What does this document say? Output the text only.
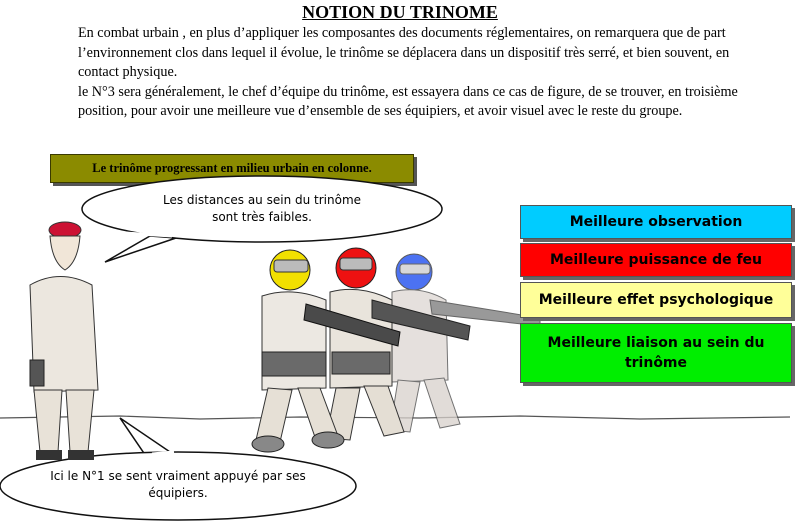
NOTION DU TRINOME

En combat urbain , en plus d’appliquer les composantes des documents réglementaires, on remarquera que de part l’environnement clos dans lequel il évolue, le trinôme se déplacera dans un dispositif très serré, et bien souvent, en contact physique.

le N°3 sera généralement, le chef d’équipe du trinôme, est essayera dans ce cas de figure, de se trouver, en troisième position, pour avoir une meilleure vue d’ensemble de ses équipiers, et avoir visuel avec le reste du groupe.

Le trinôme progressant en milieu urbain en colonne.
Les distances au sein du trinôme sont très faibles.
Ici le N°1 se sent vraiment appuyé par ses équipiers.
Meilleure observation
Meilleure puissance de feu
Meilleure effet psychologique
Meilleure liaison au sein du trinôme
